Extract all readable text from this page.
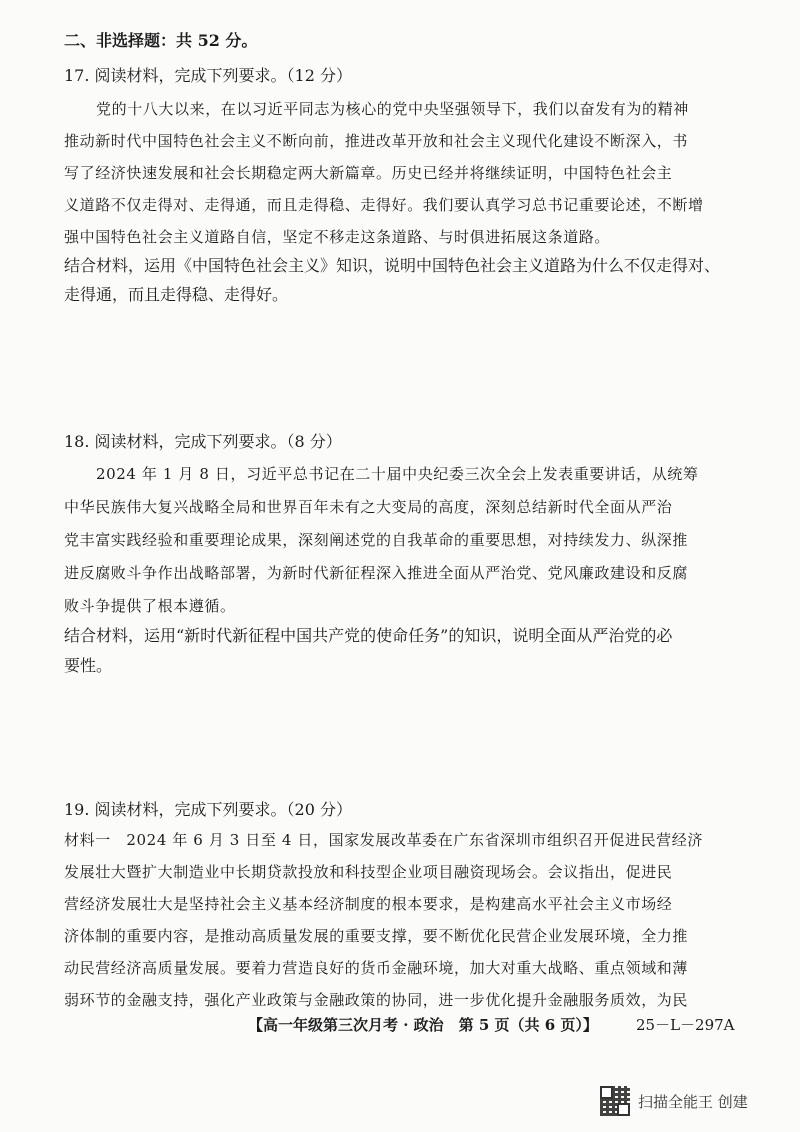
二、非选择题：共 52 分。
17. 阅读材料，完成下列要求。（12 分）
党的十八大以来，在以习近平同志为核心的党中央坚强领导下，我们以奋发有为的精神
推动新时代中国特色社会主义不断向前，推进改革开放和社会主义现代化建设不断深入，书
写了经济快速发展和社会长期稳定两大新篇章。历史已经并将继续证明，中国特色社会主
义道路不仅走得对、走得通，而且走得稳、走得好。我们要认真学习总书记重要论述，不断增
强中国特色社会主义道路自信，坚定不移走这条道路、与时俱进拓展这条道路。
结合材料，运用《中国特色社会主义》知识，说明中国特色社会主义道路为什么不仅走得对、
走得通，而且走得稳、走得好。
18. 阅读材料，完成下列要求。（8 分）
2024 年 1 月 8 日，习近平总书记在二十届中央纪委三次全会上发表重要讲话，从统筹
中华民族伟大复兴战略全局和世界百年未有之大变局的高度，深刻总结新时代全面从严治
党丰富实践经验和重要理论成果，深刻阐述党的自我革命的重要思想，对持续发力、纵深推
进反腐败斗争作出战略部署，为新时代新征程深入推进全面从严治党、党风廉政建设和反腐
败斗争提供了根本遵循。
结合材料，运用“新时代新征程中国共产党的使命任务”的知识，说明全面从严治党的必
要性。
19. 阅读材料，完成下列要求。（20 分）
材料一　2024 年 6 月 3 日至 4 日，国家发展改革委在广东省深圳市组织召开促进民营经济
发展壮大暨扩大制造业中长期贷款投放和科技型企业项目融资现场会。会议指出，促进民
营经济发展壮大是坚持社会主义基本经济制度的根本要求，是构建高水平社会主义市场经
济体制的重要内容，是推动高质量发展的重要支撑，要不断优化民营企业发展环境，全力推
动民营经济高质量发展。要着力营造良好的货币金融环境，加大对重大战略、重点领域和薄
【高一年级第三次月考 · 政治　第 5 页（共 6 页）】	25－L－297A
扫描全能王 创建
弱环节的金融支持，强化产业政策与金融政策的协同，进一步优化提升金融服务质效，为民
